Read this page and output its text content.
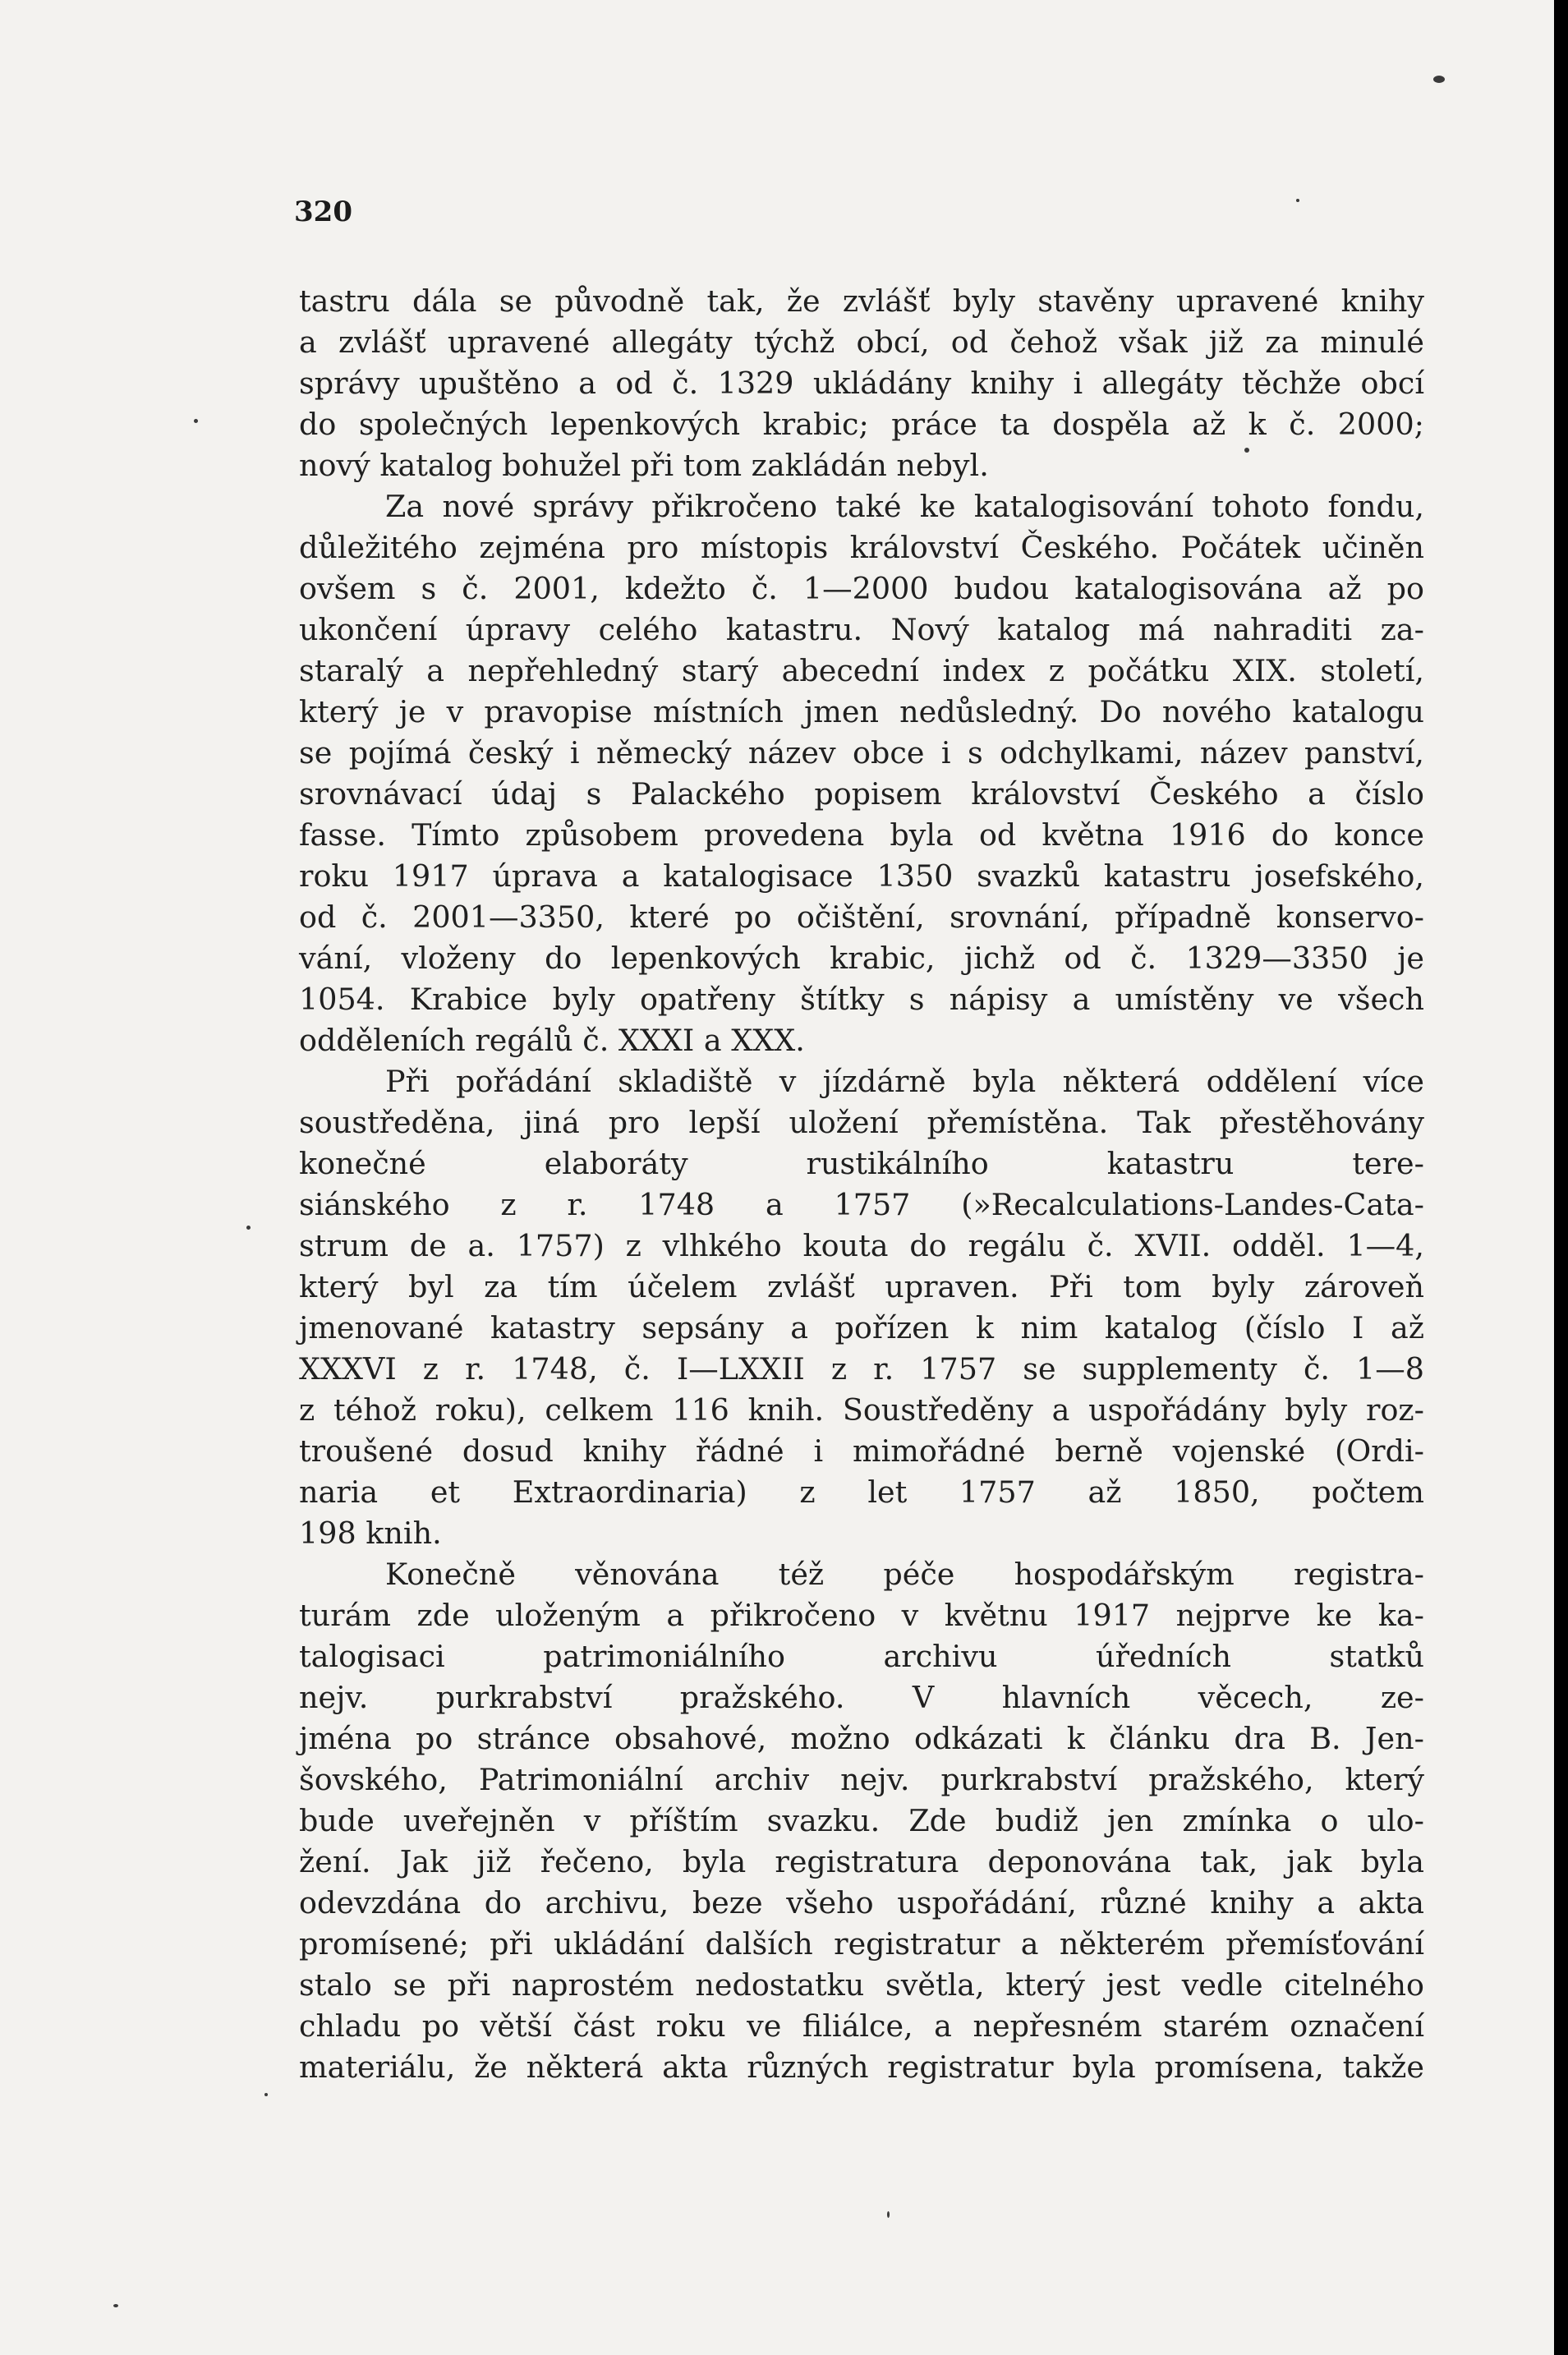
320

tastru dála se původně tak, že zvlášť byly stavěny upravené knihy
a zvlášť upravené allegáty týchž obcí, od čehož však již za minulé
správy upuštěno a od č. 1329 ukládány knihy i allegáty těchže obcí
do společných lepenkových krabic; práce ta dospěla až k č. 2000;
nový katalog bohužel při tom zakládán nebyl.

Za nové správy přikročeno také ke katalogisování tohoto fondu,
důležitého zejména pro místopis království Českého. Počátek učiněn
ovšem s č. 2001, kdežto č. 1—2000 budou katalogisována až po
ukončení úpravy celého katastru. Nový katalog má nahraditi za-
staralý a nepřehledný starý abecední index z počátku XIX. století,
který je v pravopise místních jmen nedůsledný. Do nového katalogu
se pojímá český i německý název obce i s odchylkami, název panství,
srovnávací údaj s Palackého popisem království Českého a číslo
fasse. Tímto způsobem provedena byla od května 1916 do konce
roku 1917 úprava a katalogisace 1350 svazků katastru josefského,
od č. 2001—3350, které po očištění, srovnání, případně konservo-
vání, vloženy do lepenkových krabic, jichž od č. 1329—3350 je
1054. Krabice byly opatřeny štítky s nápisy a umístěny ve všech
odděleních regálů č. XXXI a XXX.

Při pořádání skladiště v jízdárně byla některá oddělení více
soustředěna, jiná pro lepší uložení přemístěna. Tak přestěhovány
konečné elaboráty rustikálního katastru tere-
siánského z r. 1748 a 1757 (»Recalculations-Landes-Cata-
strum de a. 1757) z vlhkého kouta do regálu č. XVII. odděl. 1—4,
který byl za tím účelem zvlášť upraven. Při tom byly zároveň
jmenované katastry sepsány a pořízen k nim katalog (číslo I až
XXXVI z r. 1748, č. I—LXXII z r. 1757 se supplementy č. 1—8
z téhož roku), celkem 116 knih. Soustředěny a uspořádány byly roz-
troušené dosud knihy řádné i mimořádné berně vojenské (Ordi-
naria et Extraordinaria) z let 1757 až 1850, počtem
198 knih.

Konečně věnována též péče hospodářským registra-
turám zde uloženým a přikročeno v květnu 1917 nejprve ke ka-
talogisaci patrimoniálního archivu úředních statků
nejv. purkrabství pražského. V hlavních věcech, ze-
jména po stránce obsahové, možno odkázati k článku dra B. Jen-
šovského, Patrimoniální archiv nejv. purkrabství pražského, který
bude uveřejněn v příštím svazku. Zde budiž jen zmínka o ulo-
žení. Jak již řečeno, byla registratura deponována tak, jak byla
odevzdána do archivu, beze všeho uspořádání, různé knihy a akta
promísené; při ukládání dalších registratur a některém přemísťování
stalo se při naprostém nedostatku světla, který jest vedle citelného
chladu po větší část roku ve filiálce, a nepřesném starém označení
materiálu, že některá akta různých registratur byla promísena, takže
